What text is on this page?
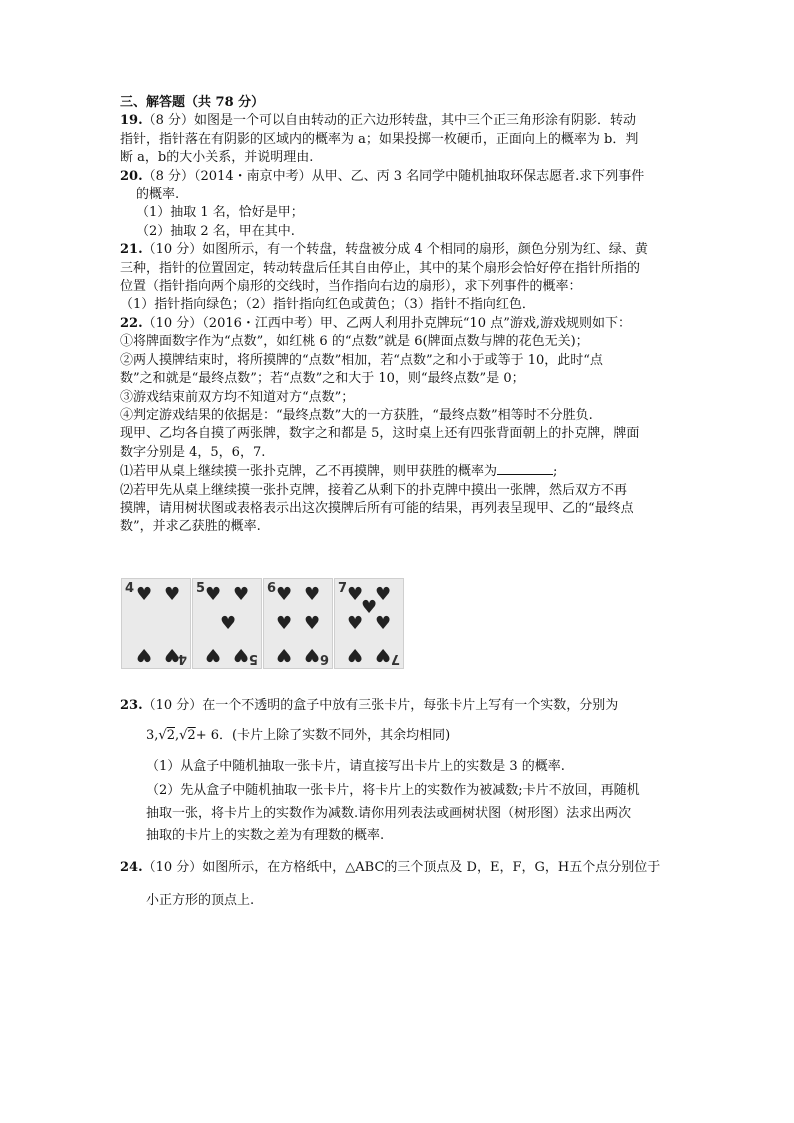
三、解答题（共 78 分）
19.（8 分）如图是一个可以自由转动的正六边形转盘，其中三个正三角形涂有阴影．转动
指针，指针落在有阴影的区域内的概率为 a；如果投掷一枚硬币，正面向上的概率为 b．判
断 a，b的大小关系，并说明理由.
20.（8 分）（2014・南京中考）从甲、乙、丙 3 名同学中随机抽取环保志愿者.求下列事件
的概率.
（1）抽取 1 名，恰好是甲；
（2）抽取 2 名，甲在其中.
21.（10 分）如图所示，有一个转盘，转盘被分成 4 个相同的扇形，颜色分别为红、绿、黄
三种，指针的位置固定，转动转盘后任其自由停止，其中的某个扇形会恰好停在指针所指的
位置（指针指向两个扇形的交线时，当作指向右边的扇形），求下列事件的概率：
（1）指针指向绿色；（2）指针指向红色或黄色；（3）指针不指向红色．
22.（10 分）（2016・江西中考）甲、乙两人利用扑克牌玩“10 点”游戏,游戏规则如下：
①将牌面数字作为“点数”，如红桃 6 的“点数”就是 6(牌面点数与牌的花色无关)；
②两人摸牌结束时，将所摸牌的“点数”相加，若“点数”之和小于或等于 10，此时“点
数”之和就是“最终点数”；若“点数”之和大于 10，则“最终点数”是 0；
③游戏结束前双方均不知道对方“点数”；
④判定游戏结果的依据是：“最终点数”大的一方获胜，“最终点数”相等时不分胜负.
现甲、乙均各自摸了两张牌，数字之和都是 5，这时桌上还有四张背面朝上的扑克牌，牌面
数字分别是 4，5，6，7.
⑴若甲从桌上继续摸一张扑克牌，乙不再摸牌，则甲获胜的概率为	;
⑵若甲先从桌上继续摸一张扑克牌，接着乙从剩下的扑克牌中摸出一张牌，然后双方不再
摸牌，请用树状图或表格表示出这次摸牌后所有可能的结果，再列表呈现甲、乙的“最终点
数”，并求乙获胜的概率.
4 ♥ ♥
♥ ♥
4
5 ♥ ♥
♥
♥ ♥ 5
6 ♥ ♥
♥ ♥
♥ ♥ 6
7 ♥ ♥
♥
♥ ♥
♥ ♥ 7
23.（10 分）在一个不透明的盒子中放有三张卡片，每张卡片上写有一个实数，分别为
3,√2,√2+ 6．(卡片上除了实数不同外，其余均相同)
（1）从盒子中随机抽取一张卡片，请直接写出卡片上的实数是 3 的概率.
（2）先从盒子中随机抽取一张卡片，将卡片上的实数作为被减数;卡片不放回，再随机
抽取一张，将卡片上的实数作为减数.请你用列表法或画树状图（树形图）法求出两次
抽取的卡片上的实数之差为有理数的概率.
24.（10 分）如图所示，在方格纸中，△ABC的三个顶点及 D，E，F，G，H五个点分别位于
小正方形的顶点上.
